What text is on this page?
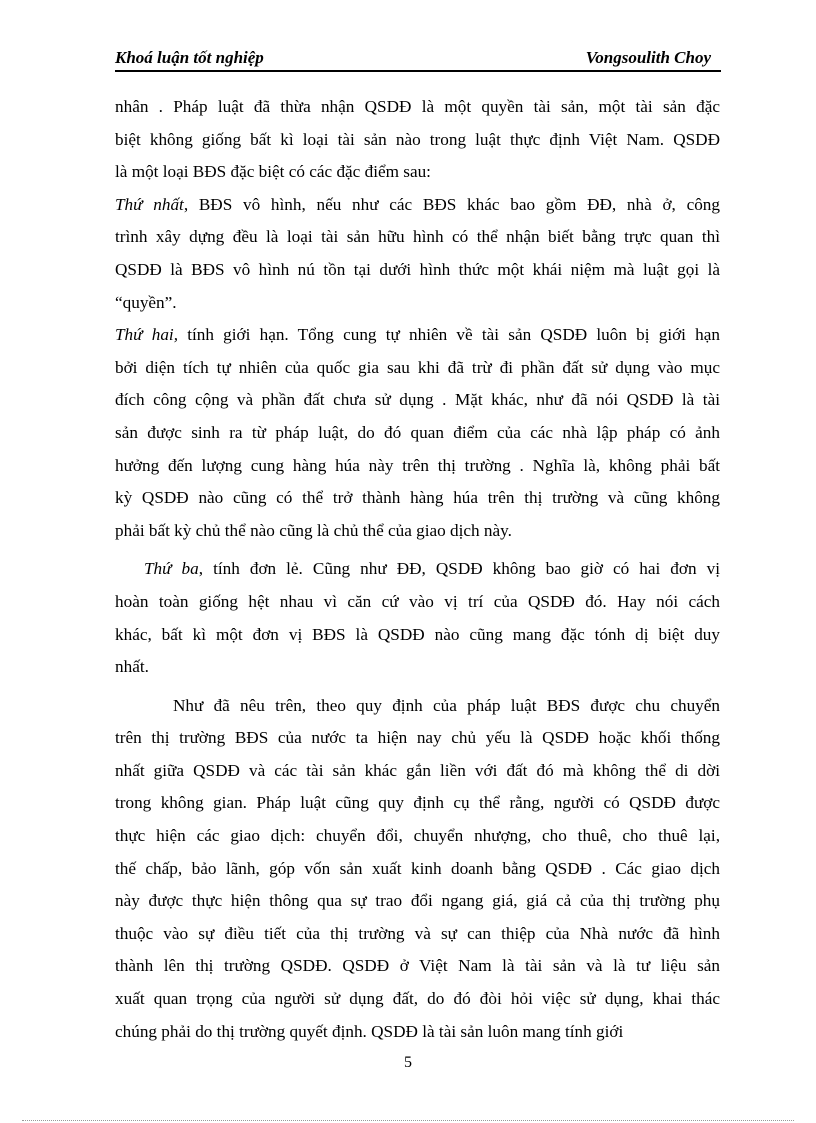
Khoá luận tốt nghiệp	Vongsoulith Choy

nhân . Pháp luật đã thừa nhận QSDĐ là một quyền tài sản, một tài sản đặc

biệt không giống bất kì loại tài sản nào trong luật thực định Việt Nam. QSDĐ

là một loại BĐS đặc biệt có các đặc điểm sau:

Thứ nhất, BĐS vô hình, nếu như các BĐS khác bao gồm ĐĐ, nhà ở, công

trình xây dựng đều là loại tài sản hữu hình có thể nhận biết bằng trực quan thì

QSDĐ là BĐS vô hình nú tồn tại dưới hình thức một khái niệm mà luật gọi là

“quyền”.

Thứ hai, tính giới hạn. Tổng cung tự nhiên về tài sản QSDĐ luôn bị giới hạn

bởi diện tích tự nhiên của quốc gia sau khi đã trừ đi phần đất sử dụng vào mục

đích công cộng và phần đất chưa sử dụng . Mặt khác, như đã nói QSDĐ là tài

sản được sinh ra từ pháp luật, do đó quan điểm của các nhà lập pháp có ảnh

hưởng đến lượng cung hàng húa này trên thị trường . Nghĩa là, không phải bất

kỳ QSDĐ nào cũng có thể trở thành hàng húa trên thị trường và cũng không

phải bất kỳ chủ thể nào cũng là chủ thể của giao dịch này.

Thứ ba, tính đơn lẻ. Cũng như ĐĐ, QSDĐ không bao giờ có hai đơn vị

hoàn toàn giống hệt nhau vì căn cứ vào vị trí của QSDĐ đó. Hay nói cách

khác, bất kì một đơn vị BĐS là QSDĐ nào cũng mang đặc tónh dị biệt duy

nhất.

Như đã nêu trên, theo quy định của pháp luật BĐS được chu chuyển

trên thị trường BĐS của nước ta hiện nay chủ yếu là QSDĐ hoặc khối thống

nhất giữa QSDĐ và các tài sản khác gắn liền với đất đó mà không thể di dời

trong không gian. Pháp luật cũng quy định cụ thể rằng, người có QSDĐ được

thực hiện các giao dịch: chuyển đổi, chuyển nhượng, cho thuê, cho thuê lại,

thế chấp, bảo lãnh, góp vốn sản xuất kinh doanh bằng QSDĐ . Các giao dịch

này được thực hiện thông qua sự trao đổi ngang giá, giá cả của thị trường phụ

thuộc vào sự điều tiết của thị trường và sự can thiệp của Nhà nước đã hình

thành lên thị trường QSDĐ. QSDĐ ở Việt Nam là tài sản và là tư liệu sản

xuất quan trọng của người sử dụng đất, do đó đòi hỏi việc sử dụng, khai thác

chúng phải do thị trường quyết định. QSDĐ là tài sản luôn mang tính giới

5
